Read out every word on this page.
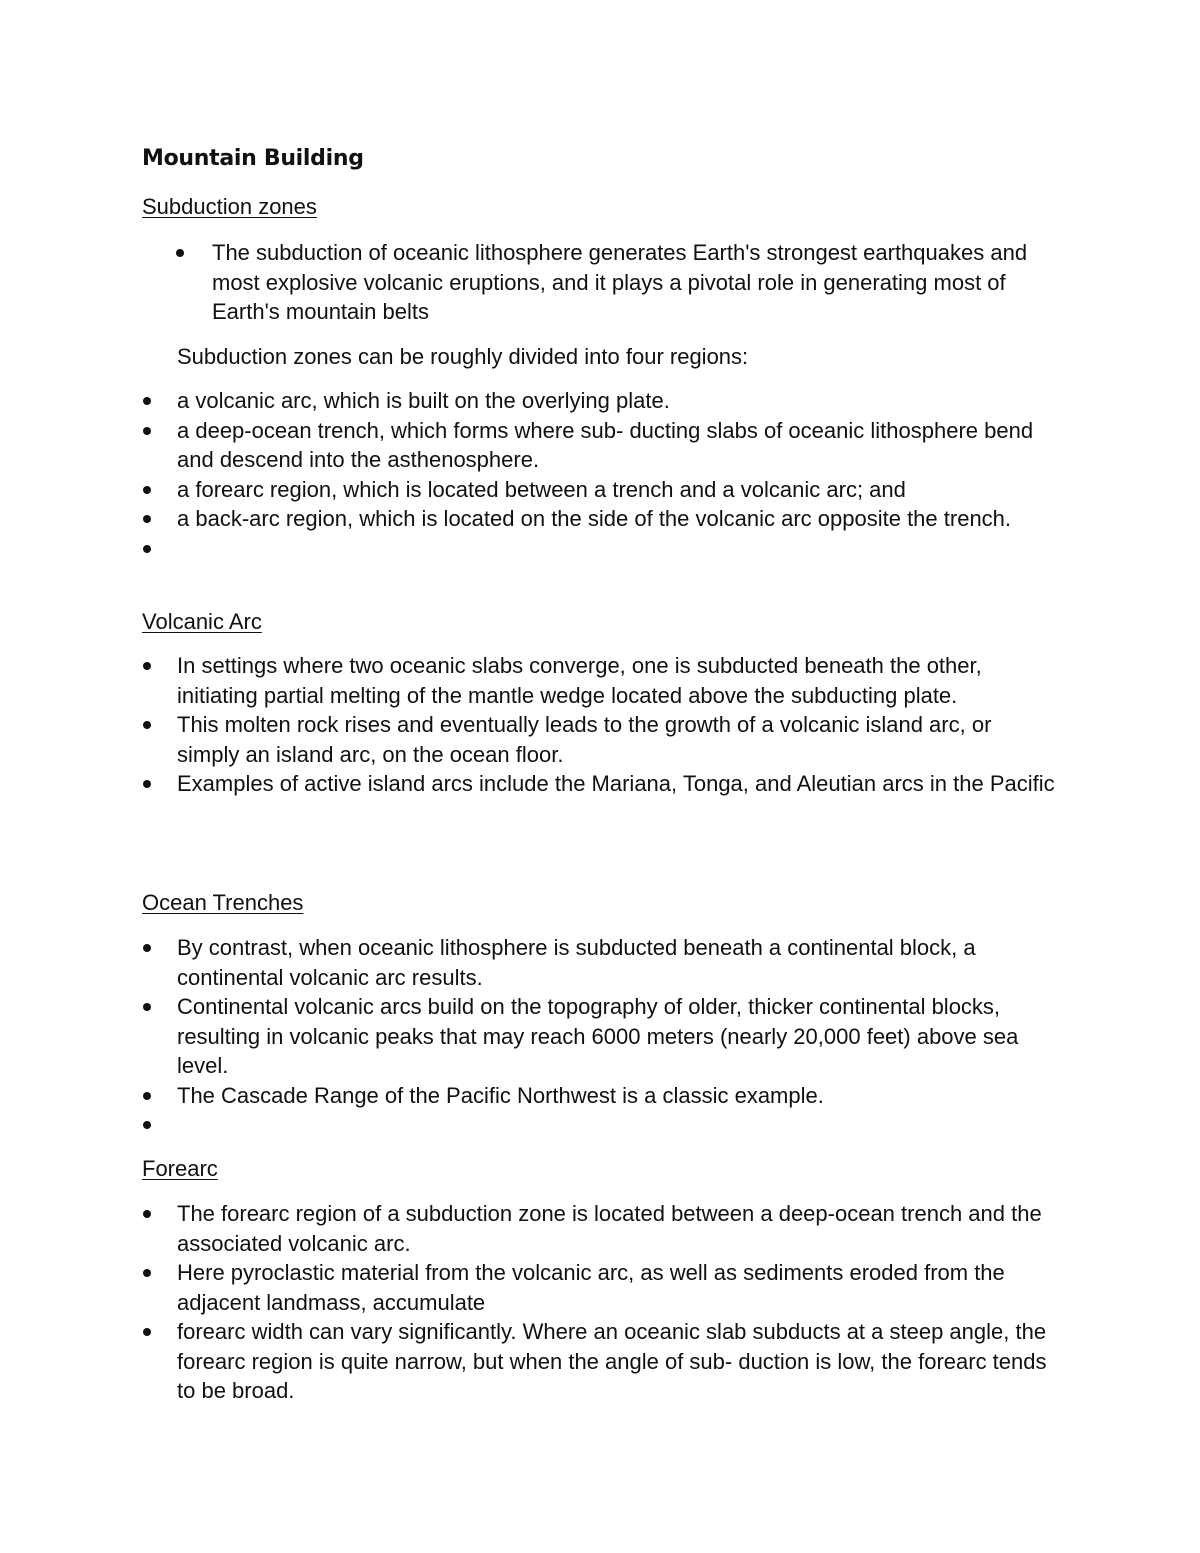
Mountain Building
Subduction zones
The subduction of oceanic lithosphere generates Earth's strongest earthquakes and most explosive volcanic eruptions, and it plays a pivotal role in generating most of Earth's mountain belts
Subduction zones can be roughly divided into four regions:
a volcanic arc, which is built on the overlying plate.
a deep-ocean trench, which forms where sub- ducting slabs of oceanic lithosphere bend and descend into the asthenosphere.
a forearc region, which is located between a trench and a volcanic arc; and
a back-arc region, which is located on the side of the volcanic arc opposite the trench.
Volcanic Arc
In settings where two oceanic slabs converge, one is subducted beneath the other, initiating partial melting of the mantle wedge located above the subducting plate.
This molten rock rises and eventually leads to the growth of a volcanic island arc, or simply an island arc, on the ocean floor.
Examples of active island arcs include the Mariana, Tonga, and Aleutian arcs in the Pacific
Ocean Trenches
By contrast, when oceanic lithosphere is subducted beneath a continental block, a continental volcanic arc results.
Continental volcanic arcs build on the topography of older, thicker continental blocks, resulting in volcanic peaks that may reach 6000 meters (nearly 20,000 feet) above sea level.
The Cascade Range of the Pacific Northwest is a classic example.
Forearc
The forearc region of a subduction zone is located between a deep-ocean trench and the associated volcanic arc.
Here pyroclastic material from the volcanic arc, as well as sediments eroded from the adjacent landmass, accumulate
forearc width can vary significantly. Where an oceanic slab subducts at a steep angle, the forearc region is quite narrow, but when the angle of sub- duction is low, the forearc tends to be broad.
